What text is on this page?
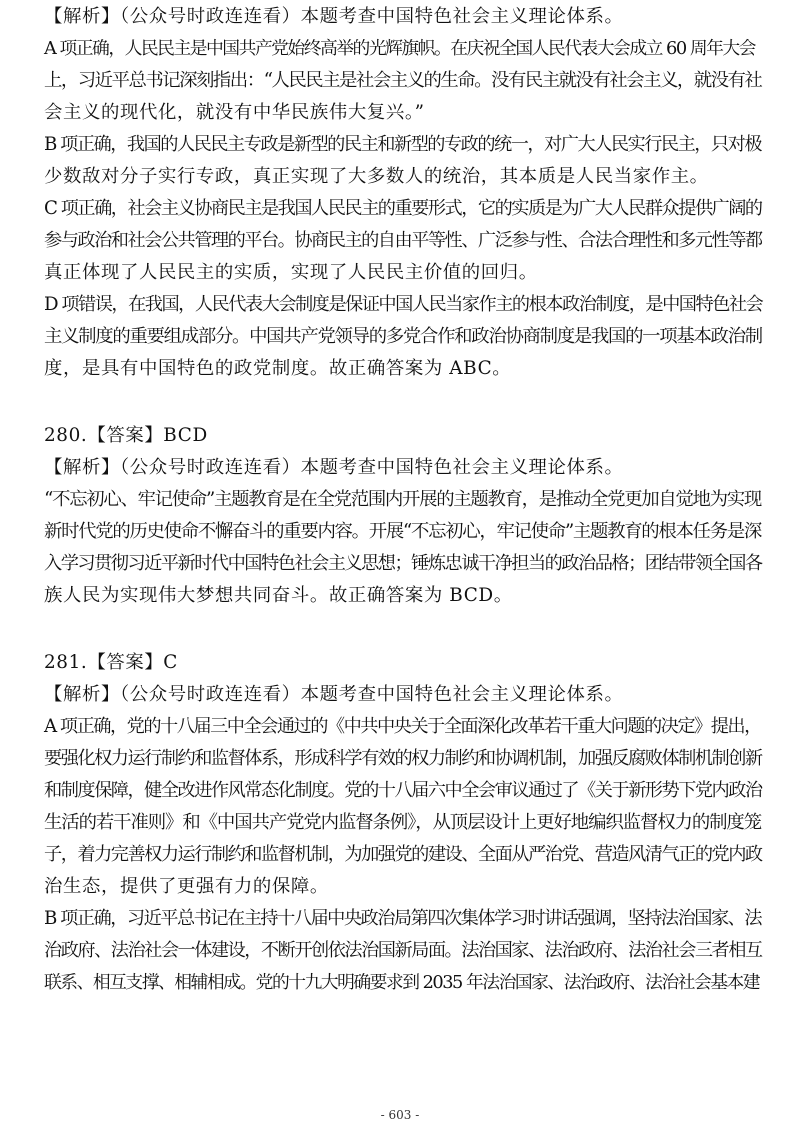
【解析】（公众号时政连连看）本题考查中国特色社会主义理论体系。
A 项正确，人民民主是中国共产党始终高举的光辉旗帜。在庆祝全国人民代表大会成立 60 周年大会
上，习近平总书记深刻指出：“人民民主是社会主义的生命。没有民主就没有社会主义，就没有社
会主义的现代化，就没有中华民族伟大复兴。”
B 项正确，我国的人民民主专政是新型的民主和新型的专政的统一，对广大人民实行民主，只对极
少数敌对分子实行专政，真正实现了大多数人的统治，其本质是人民当家作主。
C 项正确，社会主义协商民主是我国人民民主的重要形式，它的实质是为广大人民群众提供广阔的
参与政治和社会公共管理的平台。协商民主的自由平等性、广泛参与性、合法合理性和多元性等都
真正体现了人民民主的实质，实现了人民民主价值的回归。
D 项错误，在我国，人民代表大会制度是保证中国人民当家作主的根本政治制度，是中国特色社会
主义制度的重要组成部分。中国共产党领导的多党合作和政治协商制度是我国的一项基本政治制
度，是具有中国特色的政党制度。故正确答案为 ABC。
280.【答案】BCD
【解析】（公众号时政连连看）本题考查中国特色社会主义理论体系。
“不忘初心、牢记使命”主题教育是在全党范围内开展的主题教育，是推动全党更加自觉地为实现
新时代党的历史使命不懈奋斗的重要内容。开展“不忘初心，牢记使命”主题教育的根本任务是深
入学习贯彻习近平新时代中国特色社会主义思想；锤炼忠诚干净担当的政治品格；团结带领全国各
族人民为实现伟大梦想共同奋斗。故正确答案为 BCD。
281.【答案】C
【解析】（公众号时政连连看）本题考查中国特色社会主义理论体系。
A 项正确，党的十八届三中全会通过的《中共中央关于全面深化改革若干重大问题的决定》提出，
要强化权力运行制约和监督体系，形成科学有效的权力制约和协调机制，加强反腐败体制机制创新
和制度保障，健全改进作风常态化制度。党的十八届六中全会审议通过了《关于新形势下党内政治
生活的若干准则》和《中国共产党党内监督条例》，从顶层设计上更好地编织监督权力的制度笼
子，着力完善权力运行制约和监督机制，为加强党的建设、全面从严治党、营造风清气正的党内政
治生态，提供了更强有力的保障。
B 项正确，习近平总书记在主持十八届中央政治局第四次集体学习时讲话强调，坚持法治国家、法
治政府、法治社会一体建设，不断开创依法治国新局面。法治国家、法治政府、法治社会三者相互
联系、相互支撑、相辅相成。党的十九大明确要求到 2035 年法治国家、法治政府、法治社会基本建
- 603 -
